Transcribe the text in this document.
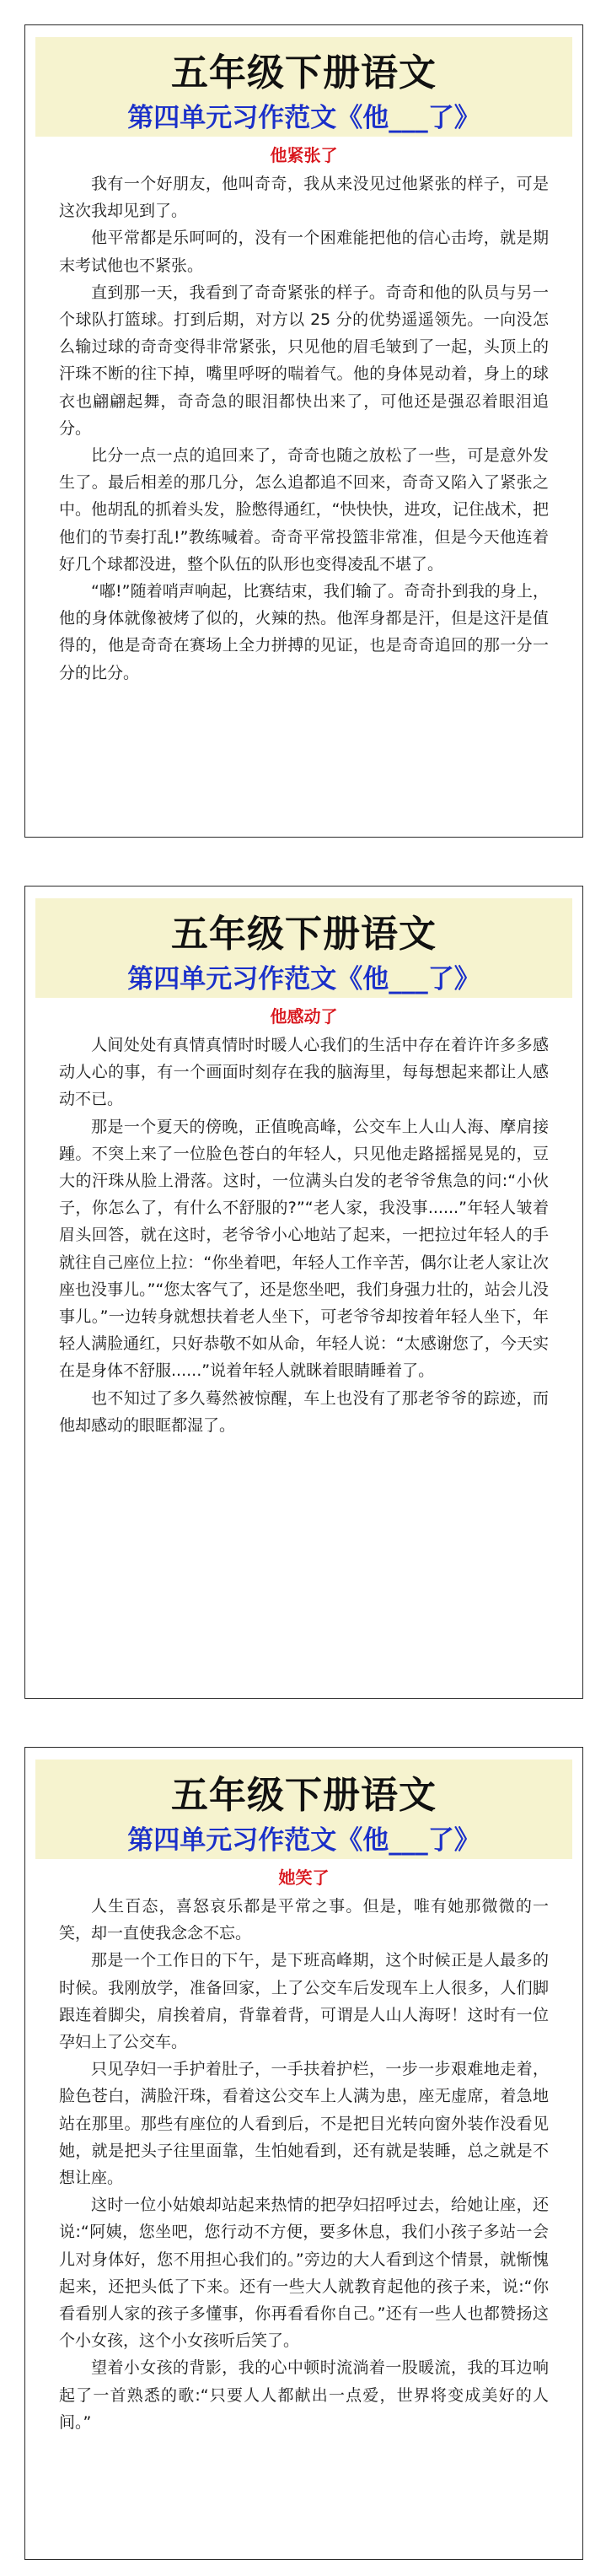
五年级下册语文
第四单元习作范文《他___了》
他紧张了

我有一个好朋友，他叫奇奇，我从来没见过他紧张的样子，可是这次我却见到了。

他平常都是乐呵呵的，没有一个困难能把他的信心击垮，就是期末考试他也不紧张。

直到那一天，我看到了奇奇紧张的样子。奇奇和他的队员与另一个球队打篮球。打到后期，对方以 25 分的优势遥遥领先。一向没怎么输过球的奇奇变得非常紧张，只见他的眉毛皱到了一起，头顶上的汗珠不断的往下掉，嘴里呼呀的喘着气。他的身体晃动着，身上的球衣也翩翩起舞，奇奇急的眼泪都快出来了，可他还是强忍着眼泪追分。

比分一点一点的追回来了，奇奇也随之放松了一些，可是意外发生了。最后相差的那几分，怎么追都追不回来，奇奇又陷入了紧张之中。他胡乱的抓着头发，脸憋得通红，“快快快，进攻，记住战术，把他们的节奏打乱!”教练喊着。奇奇平常投篮非常准，但是今天他连着好几个球都没进，整个队伍的队形也变得凌乱不堪了。

“嘟!”随着哨声响起，比赛结束，我们输了。奇奇扑到我的身上，他的身体就像被烤了似的，火辣的热。他浑身都是汗，但是这汗是值得的，他是奇奇在赛场上全力拼搏的见证，也是奇奇追回的那一分一分的比分。

五年级下册语文
第四单元习作范文《他___了》
他感动了

人间处处有真情真情时时暖人心我们的生活中存在着许许多多感动人心的事，有一个画面时刻存在我的脑海里，每每想起来都让人感动不已。

那是一个夏天的傍晚，正值晚高峰，公交车上人山人海、摩肩接踵。不突上来了一位脸色苍白的年轻人，只见他走路摇摇晃晃的，豆大的汗珠从脸上滑落。这时，一位满头白发的老爷爷焦急的问:“小伙子，你怎么了，有什么不舒服的?”“老人家，我没事......”年轻人皱着眉头回答，就在这时，老爷爷小心地站了起来，一把拉过年轻人的手就往自己座位上拉：“你坐着吧，年轻人工作辛苦，偶尔让老人家让次座也没事儿。”“您太客气了，还是您坐吧，我们身强力壮的，站会儿没事儿。”一边转身就想扶着老人坐下，可老爷爷却按着年轻人坐下，年轻人满脸通红，只好恭敬不如从命，年轻人说：“太感谢您了，今天实在是身体不舒服......”说着年轻人就眯着眼睛睡着了。

也不知过了多久蓦然被惊醒，车上也没有了那老爷爷的踪迹，而他却感动的眼眶都湿了。

五年级下册语文
第四单元习作范文《他___了》
她笑了

人生百态，喜怒哀乐都是平常之事。但是，唯有她那微微的一笑，却一直使我念念不忘。

那是一个工作日的下午，是下班高峰期，这个时候正是人最多的时候。我刚放学，准备回家，上了公交车后发现车上人很多，人们脚跟连着脚尖，肩挨着肩，背靠着背，可谓是人山人海呀！这时有一位孕妇上了公交车。

只见孕妇一手护着肚子，一手扶着护栏，一步一步艰难地走着，脸色苍白，满脸汗珠，看着这公交车上人满为患，座无虚席，着急地站在那里。那些有座位的人看到后，不是把目光转向窗外装作没看见她，就是把头子往里面靠，生怕她看到，还有就是装睡，总之就是不想让座。

这时一位小姑娘却站起来热情的把孕妇招呼过去，给她让座，还说:“阿姨，您坐吧，您行动不方便，要多休息，我们小孩子多站一会儿对身体好，您不用担心我们的。”旁边的大人看到这个情景，就惭愧起来，还把头低了下来。还有一些大人就教育起他的孩子来，说:“你看看别人家的孩子多懂事，你再看看你自己。”还有一些人也都赞扬这个小女孩，这个小女孩听后笑了。

望着小女孩的背影，我的心中顿时流淌着一股暖流，我的耳边响起了一首熟悉的歌:“只要人人都献出一点爱，世界将变成美好的人间。”
